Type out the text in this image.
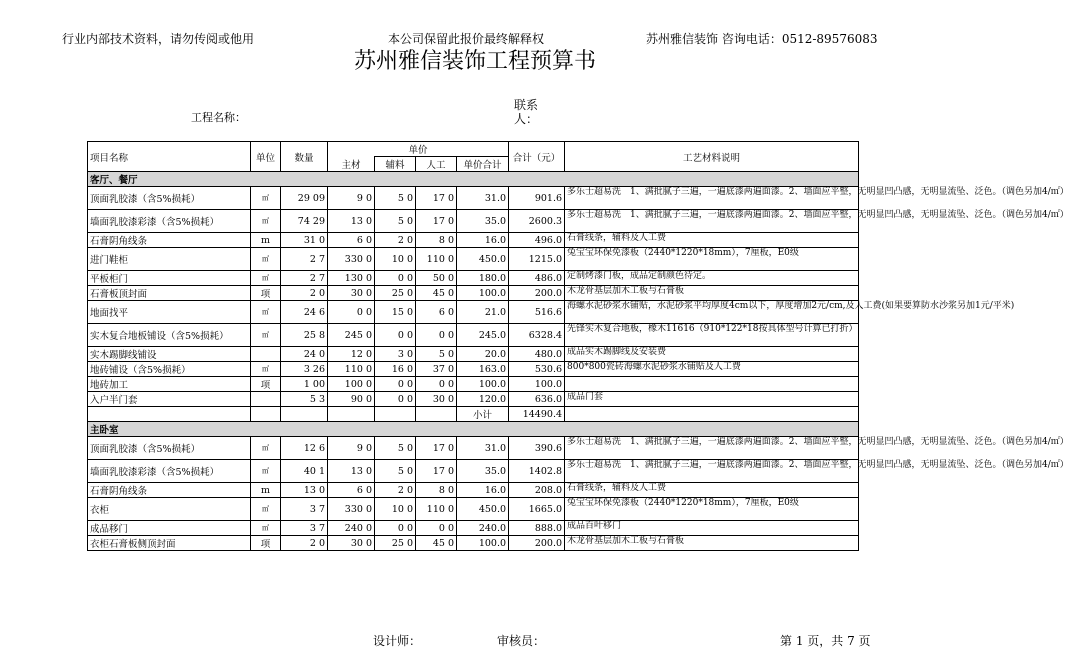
行业内部技术资料，请勿传阅或他用	本公司保留此报价最终解释权	苏州雅信装饰 咨询电话：0512-89576083
苏州雅信装饰工程预算书
工程名称：
联系人：
项目名称	单位	数量	单价				合计（元）	工艺材料说明
			主材	辅料	人工	单价合计		
客厅、餐厅								
顶面乳胶漆（含5%损耗）	㎡	29 09	9 0	5 0	17 0	31.0	901.6	多乐士超易洗　1、满批腻子三遍，一遍底漆两遍面漆。2、墙面应平整，无明显凹凸感，无明显流坠、泛色。（调色另加4/㎡）
墙面乳胶漆彩漆（含5%损耗）	㎡	74 29	13 0	5 0	17 0	35.0	2600.3	多乐士超易洗　1、满批腻子三遍，一遍底漆两遍面漆。2、墙面应平整，无明显凹凸感，无明显流坠、泛色。（调色另加4/㎡）
石膏阴角线条	m	31 0	6 0	2 0	8 0	16.0	496.0	石膏线条，辅料及人工费
进门鞋柜	㎡	2 7	330 0	10 0	110 0	450.0	1215.0	兔宝宝环保免漆板（2440*1220*18mm），7厘板，E0级
平板柜门	㎡	2 7	130 0	0 0	50 0	180.0	486.0	定制烤漆门板，成品定制颜色待定。
石膏板顶封面	项	2 0	30 0	25 0	45 0	100.0	200.0	木龙骨基层加木工板与石膏板
地面找平	㎡	24 6	0 0	15 0	6 0	21.0	516.6	海螺水泥砂浆水铺贴，水泥砂浆平均厚度4cm以下，厚度增加2元/cm,及人工费(如果要算防水沙浆另加1元/平米)
实木复合地板铺设（含5%损耗）	㎡	25 8	245 0	0 0	0 0	245.0	6328.4	先锋实木复合地板，橡木11616（910*122*18按具体型号计算已打折）
实木踢脚线铺设		24 0	12 0	3 0	5 0	20.0	480.0	成品实木踢脚线及安装费
地砖铺设（含5%损耗）	㎡	3 26	110 0	16 0	37 0	163.0	530.6	800*800瓷砖海螺水泥砂浆水铺贴及人工费
地砖加工	项	1 00	100 0	0 0	0 0	100.0	100.0	
入户半门套		5 3	90 0	0 0	30 0	120.0	636.0	成品门套
						小计	14490.4	
主卧室								
顶面乳胶漆（含5%损耗）	㎡	12 6	9 0	5 0	17 0	31.0	390.6	多乐士超易洗　1、满批腻子三遍，一遍底漆两遍面漆。2、墙面应平整，无明显凹凸感，无明显流坠、泛色。（调色另加4/㎡）
墙面乳胶漆彩漆（含5%损耗）	㎡	40 1	13 0	5 0	17 0	35.0	1402.8	多乐士超易洗　1、满批腻子三遍，一遍底漆两遍面漆。2、墙面应平整，无明显凹凸感，无明显流坠、泛色。（调色另加4/㎡）
石膏阴角线条	m	13 0	6 0	2 0	8 0	16.0	208.0	石膏线条，辅料及人工费
衣柜	㎡	3 7	330 0	10 0	110 0	450.0	1665.0	兔宝宝环保免漆板（2440*1220*18mm），7厘板，E0级
成品移门	㎡	3 7	240 0	0 0	0 0	240.0	888.0	成品百叶移门
衣柜石膏板侧顶封面	项	2 0	30 0	25 0	45 0	100.0	200.0	木龙骨基层加木工板与石膏板
设计师：	审核员：	第 1 页，共 7 页
